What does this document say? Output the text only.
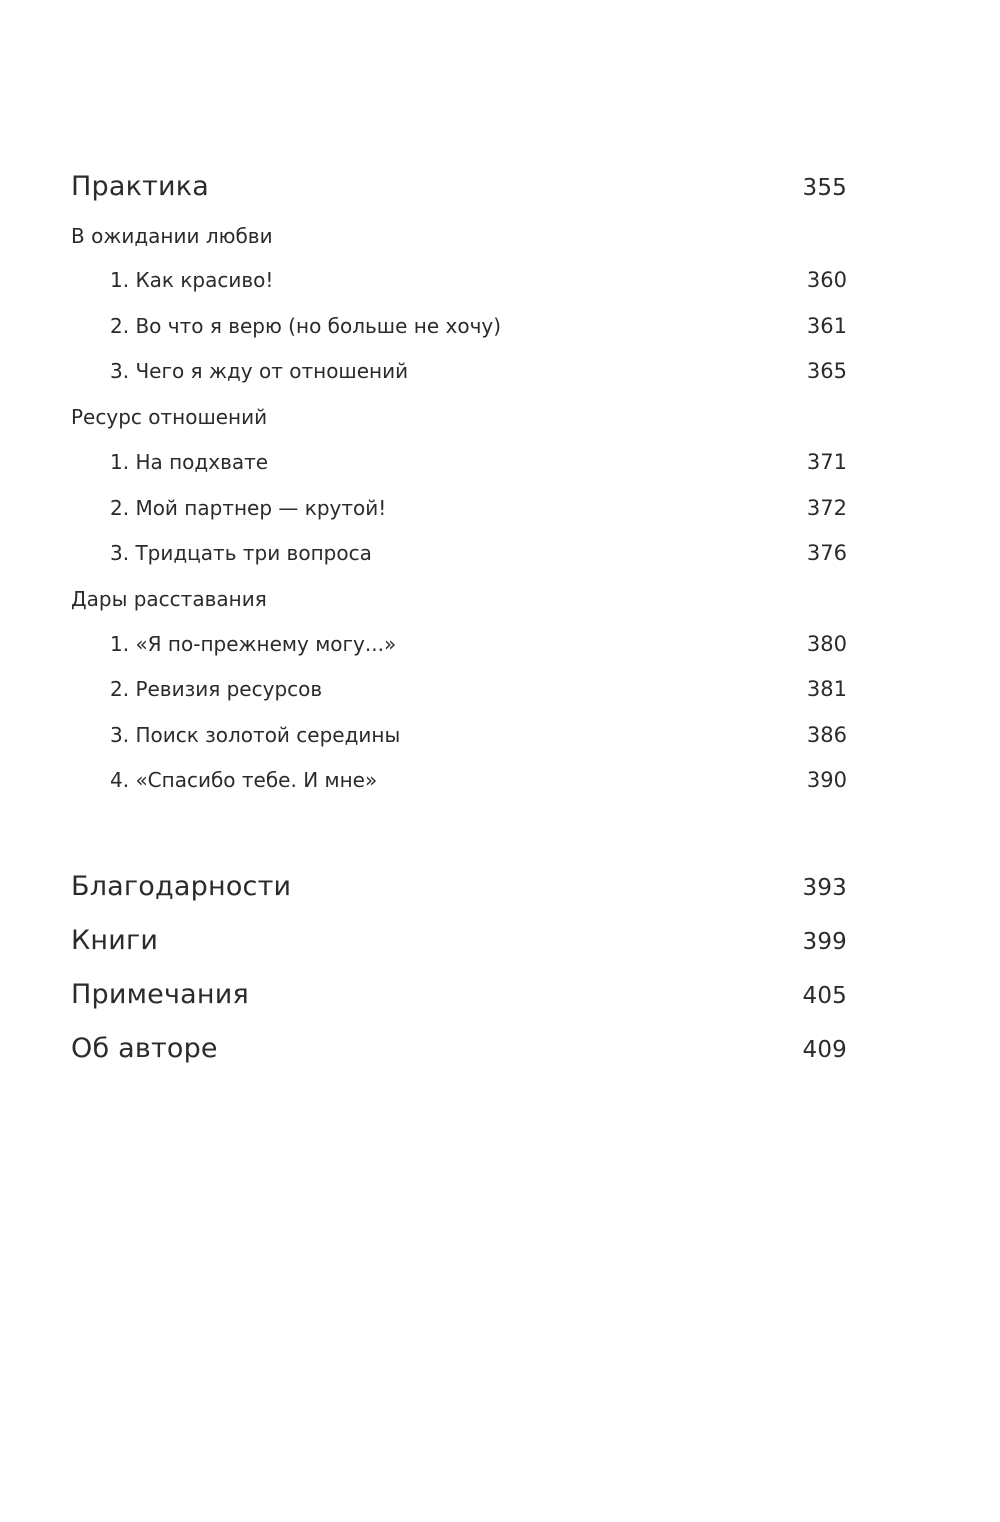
Практика	355
В ожидании любви
1. Как красиво!	360
2. Во что я верю (но больше не хочу)	361
3. Чего я жду от отношений	365
Ресурс отношений
1. На подхвате	371
2. Мой партнер — крутой!	372
3. Тридцать три вопроса	376
Дары расставания
1. «Я по-прежнему могу...»	380
2. Ревизия ресурсов	381
3. Поиск золотой середины	386
4. «Спасибо тебе. И мне»	390
Благодарности	393
Книги	399
Примечания	405
Об авторе	409
